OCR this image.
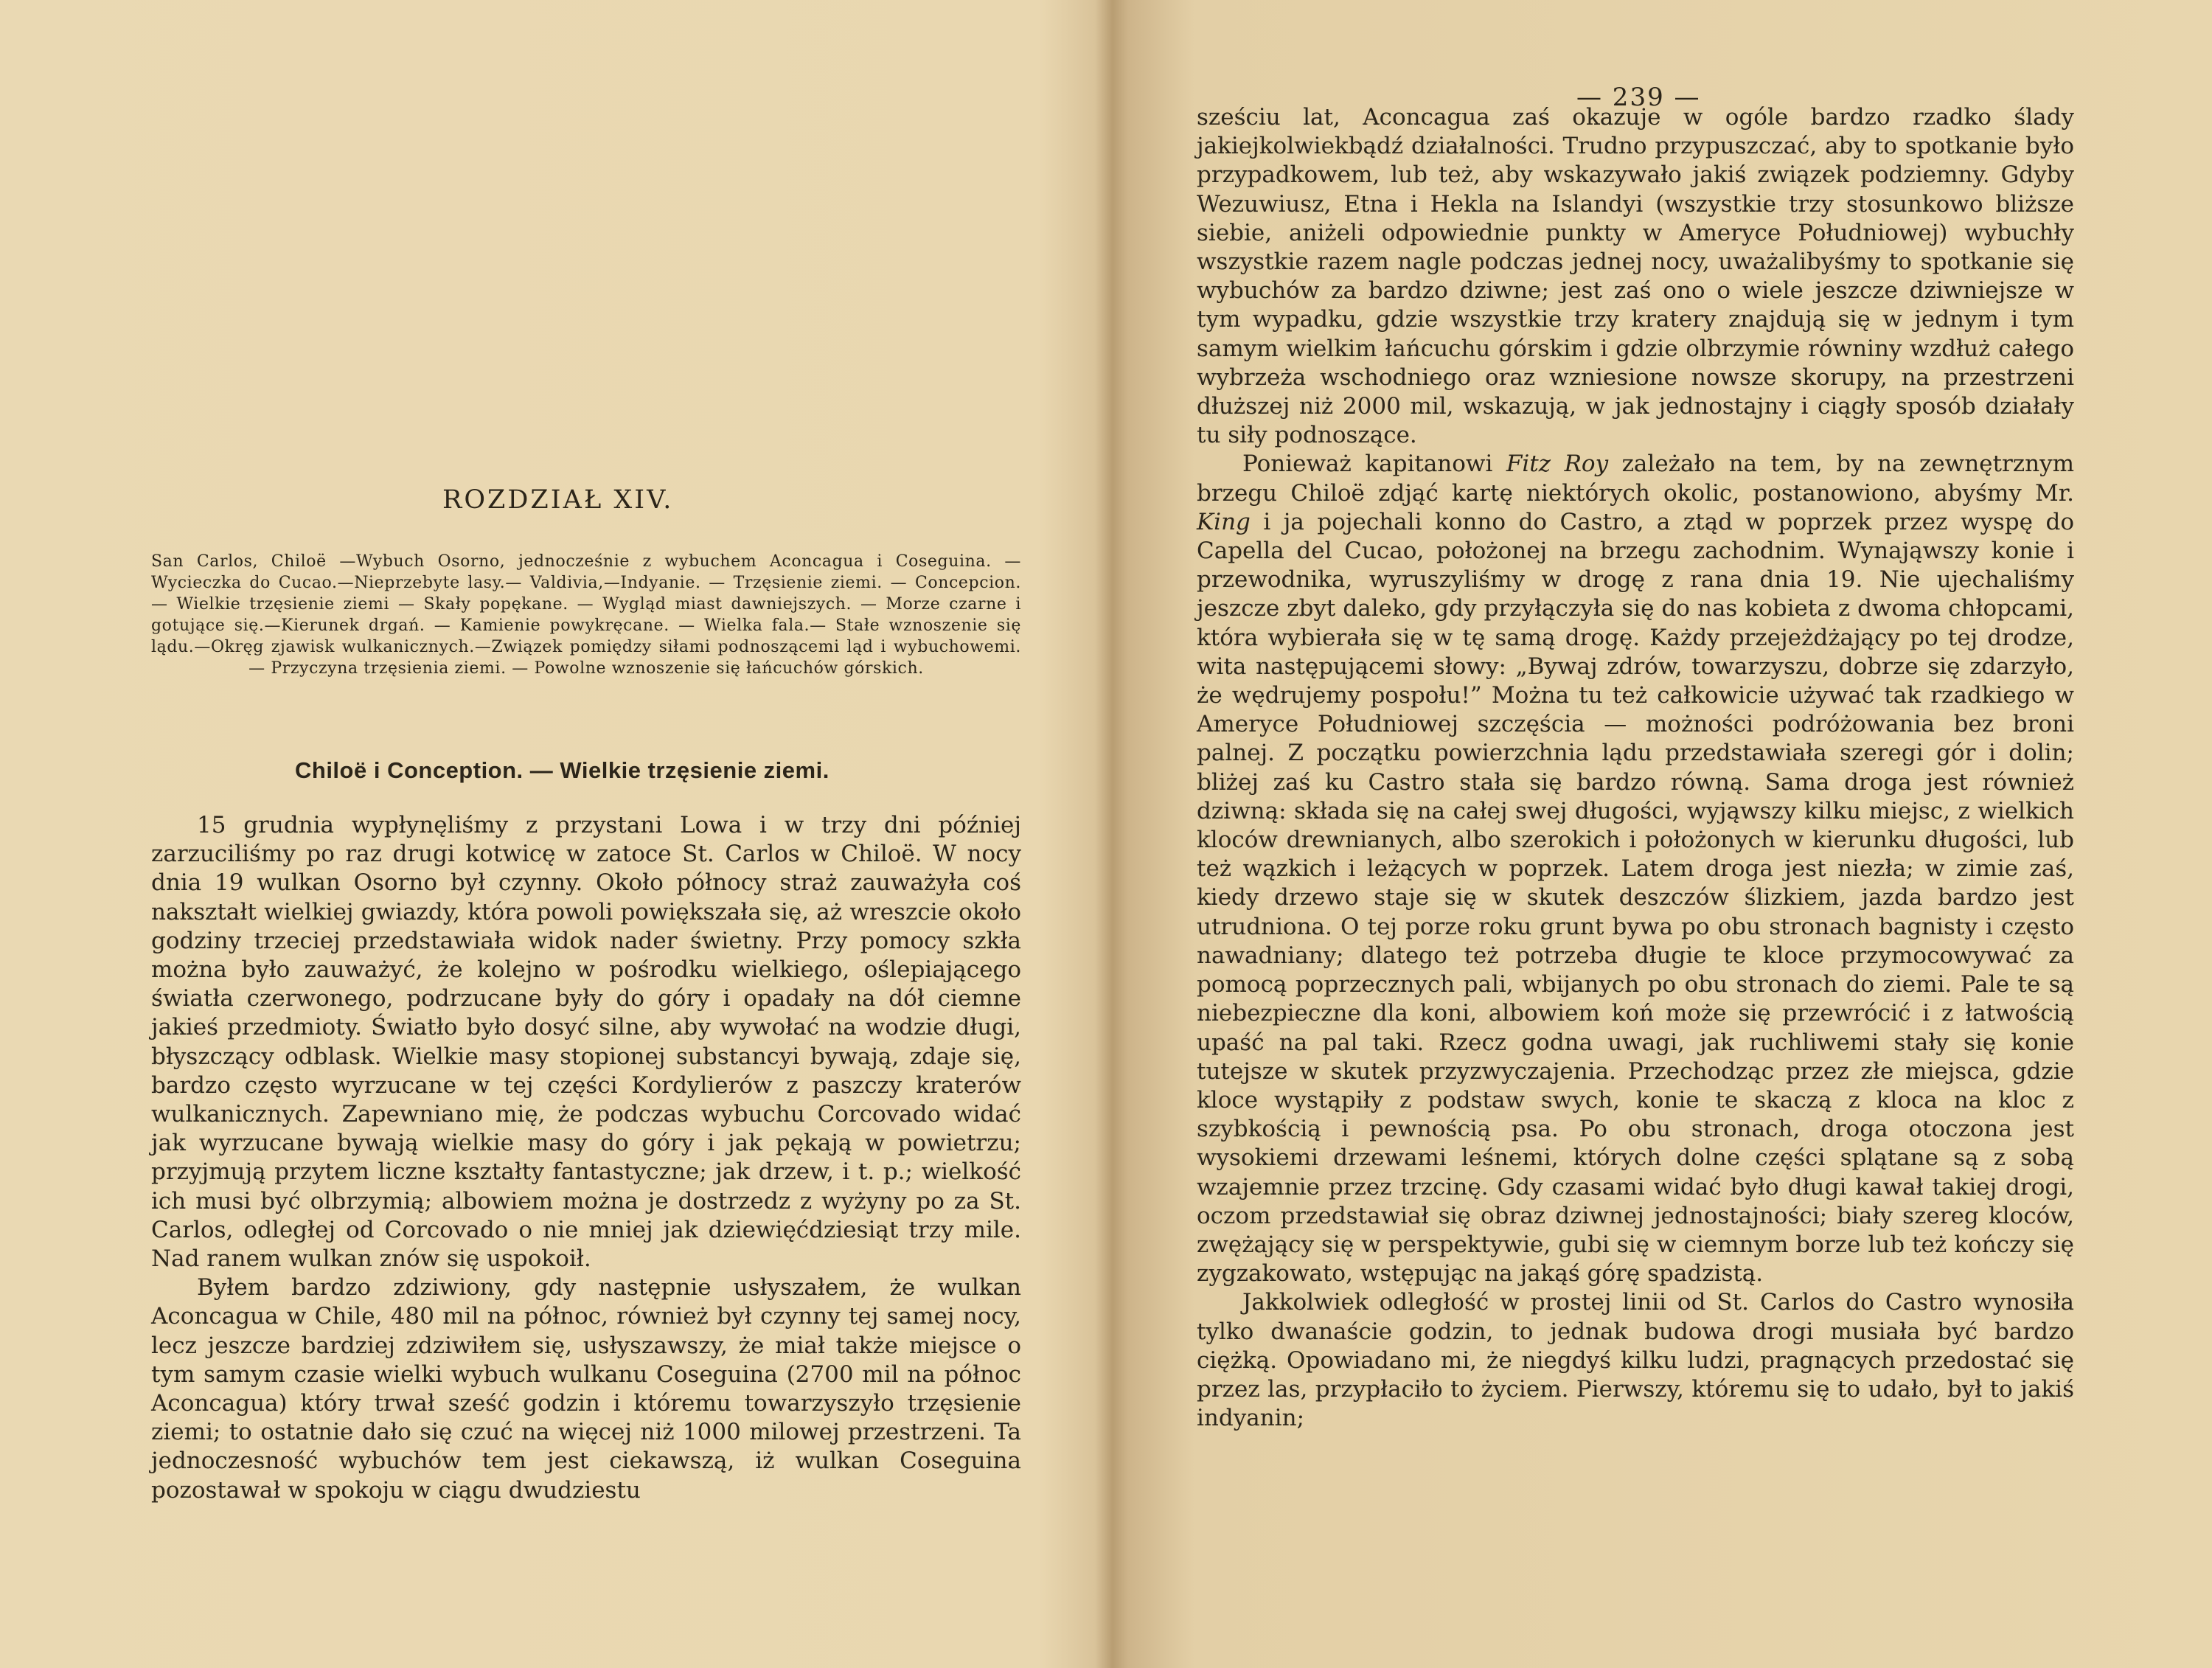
ROZDZIAŁ XIV.
San Carlos, Chiloë —Wybuch Osorno, jednocześnie z wybuchem Aconcagua i Coseguina. — Wycieczka do Cucao.—Nieprzebyte lasy.— Valdivia,—Indyanie. — Trzęsienie ziemi. — Concepcion. — Wielkie trzęsienie ziemi — Skały popękane. — Wygląd miast dawniejszych. — Morze czarne i gotujące się.—Kierunek drgań. — Kamienie powykręcane. — Wielka fala.— Stałe wznoszenie się lądu.—Okręg zjawisk wulkanicznych.—Związek pomiędzy siłami podnoszącemi ląd i wybuchowemi. — Przyczyna trzęsienia ziemi. — Powolne wznoszenie się łańcuchów górskich.
Chiloë i Conception. — Wielkie trzęsienie ziemi.

15 grudnia wypłynęliśmy z przystani Lowa i w trzy dni później zarzuciliśmy po raz drugi kotwicę w zatoce St. Carlos w Chiloë. W nocy dnia 19 wulkan Osorno był czynny. Około północy straż zauważyła coś nakształt wielkiej gwiazdy, która powoli powiększała się, aż wreszcie około godziny trzeciej przedstawiała widok nader świetny. Przy pomocy szkła można było zauważyć, że kolejno w pośrodku wielkiego, oślepiającego światła czerwonego, podrzucane były do góry i opadały na dół ciemne jakieś przedmioty. Światło było dosyć silne, aby wywołać na wodzie długi, błyszczący odblask. Wielkie masy stopionej substancyi bywają, zdaje się, bardzo często wyrzucane w tej części Kordylierów z paszczy kraterów wulkanicznych. Zapewniano mię, że podczas wybuchu Corcovado widać jak wyrzucane bywają wielkie masy do góry i jak pękają w powietrzu; przyjmują przytem liczne kształty fantastyczne; jak drzew, i t. p.; wielkość ich musi być olbrzymią; albowiem można je dostrzedz z wyżyny po za St. Carlos, odległej od Corcovado o nie mniej jak dziewięćdziesiąt trzy mile. Nad ranem wulkan znów się uspokoił.

Byłem bardzo zdziwiony, gdy następnie usłyszałem, że wulkan Aconcagua w Chile, 480 mil na północ, również był czynny tej samej nocy, lecz jeszcze bardziej zdziwiłem się, usłyszawszy, że miał także miejsce o tym samym czasie wielki wybuch wulkanu Coseguina (2700 mil na północ Aconcagua) który trwał sześć godzin i któremu towarzyszyło trzęsienie ziemi; to ostatnie dało się czuć na więcej niż 1000 milowej przestrzeni. Ta jednoczesność wybuchów tem jest ciekawszą, iż wulkan Coseguina pozostawał w spokoju w ciągu dwudziestu

— 239 —

sześciu lat, Aconcagua zaś okazuje w ogóle bardzo rzadko ślady jakiejkolwiekbądź działalności. Trudno przypuszczać, aby to spotkanie było przypadkowem, lub też, aby wskazywało jakiś związek podziemny. Gdyby Wezuwiusz, Etna i Hekla na Islandyi (wszystkie trzy stosunkowo bliższe siebie, aniżeli odpowiednie punkty w Ameryce Południowej) wybuchły wszystkie razem nagle podczas jednej nocy, uważalibyśmy to spotkanie się wybuchów za bardzo dziwne; jest zaś ono o wiele jeszcze dziwniejsze w tym wypadku, gdzie wszystkie trzy kratery znajdują się w jednym i tym samym wielkim łańcuchu górskim i gdzie olbrzymie równiny wzdłuż całego wybrzeża wschodniego oraz wzniesione nowsze skorupy, na przestrzeni dłuższej niż 2000 mil, wskazują, w jak jednostajny i ciągły sposób działały tu siły podnoszące.

Ponieważ kapitanowi Fitz Roy zależało na tem, by na zewnętrznym brzegu Chiloë zdjąć kartę niektórych okolic, postanowiono, abyśmy Mr. King i ja pojechali konno do Castro, a ztąd w poprzek przez wyspę do Capella del Cucao, położonej na brzegu zachodnim. Wynająwszy konie i przewodnika, wyruszyliśmy w drogę z rana dnia 19. Nie ujechaliśmy jeszcze zbyt daleko, gdy przyłączyła się do nas kobieta z dwoma chłopcami, która wybierała się w tę samą drogę. Każdy przejeżdżający po tej drodze, wita następującemi słowy: „Bywaj zdrów, towarzyszu, dobrze się zdarzyło, że wędrujemy pospołu!” Można tu też całkowicie używać tak rzadkiego w Ameryce Południowej szczęścia — możności podróżowania bez broni palnej. Z początku powierzchnia lądu przedstawiała szeregi gór i dolin; bliżej zaś ku Castro stała się bardzo równą. Sama droga jest również dziwną: składa się na całej swej długości, wyjąwszy kilku miejsc, z wielkich kloców drewnianych, albo szerokich i położonych w kierunku długości, lub też wązkich i leżących w poprzek. Latem droga jest niezła; w zimie zaś, kiedy drzewo staje się w skutek deszczów ślizkiem, jazda bardzo jest utrudniona. O tej porze roku grunt bywa po obu stronach bagnisty i często nawadniany; dlatego też potrzeba długie te kloce przymocowywać za pomocą poprzecznych pali, wbijanych po obu stronach do ziemi. Pale te są niebezpieczne dla koni, albowiem koń może się przewrócić i z łatwością upaść na pal taki. Rzecz godna uwagi, jak ruchliwemi stały się konie tutejsze w skutek przyzwyczajenia. Przechodząc przez złe miejsca, gdzie kloce wystąpiły z podstaw swych, konie te skaczą z kloca na kloc z szybkością i pewnością psa. Po obu stronach, droga otoczona jest wysokiemi drzewami leśnemi, których dolne części splątane są z sobą wzajemnie przez trzcinę. Gdy czasami widać było długi kawał takiej drogi, oczom przedstawiał się obraz dziwnej jednostajności; biały szereg kloców, zwężający się w perspektywie, gubi się w ciemnym borze lub też kończy się zygzakowato, wstępując na jakąś górę spadzistą.

Jakkolwiek odległość w prostej linii od St. Carlos do Castro wynosiła tylko dwanaście godzin, to jednak budowa drogi musiała być bardzo ciężką. Opowiadano mi, że niegdyś kilku ludzi, pragnących przedostać się przez las, przypłaciło to życiem. Pierwszy, któremu się to udało, był to jakiś indyanin;
